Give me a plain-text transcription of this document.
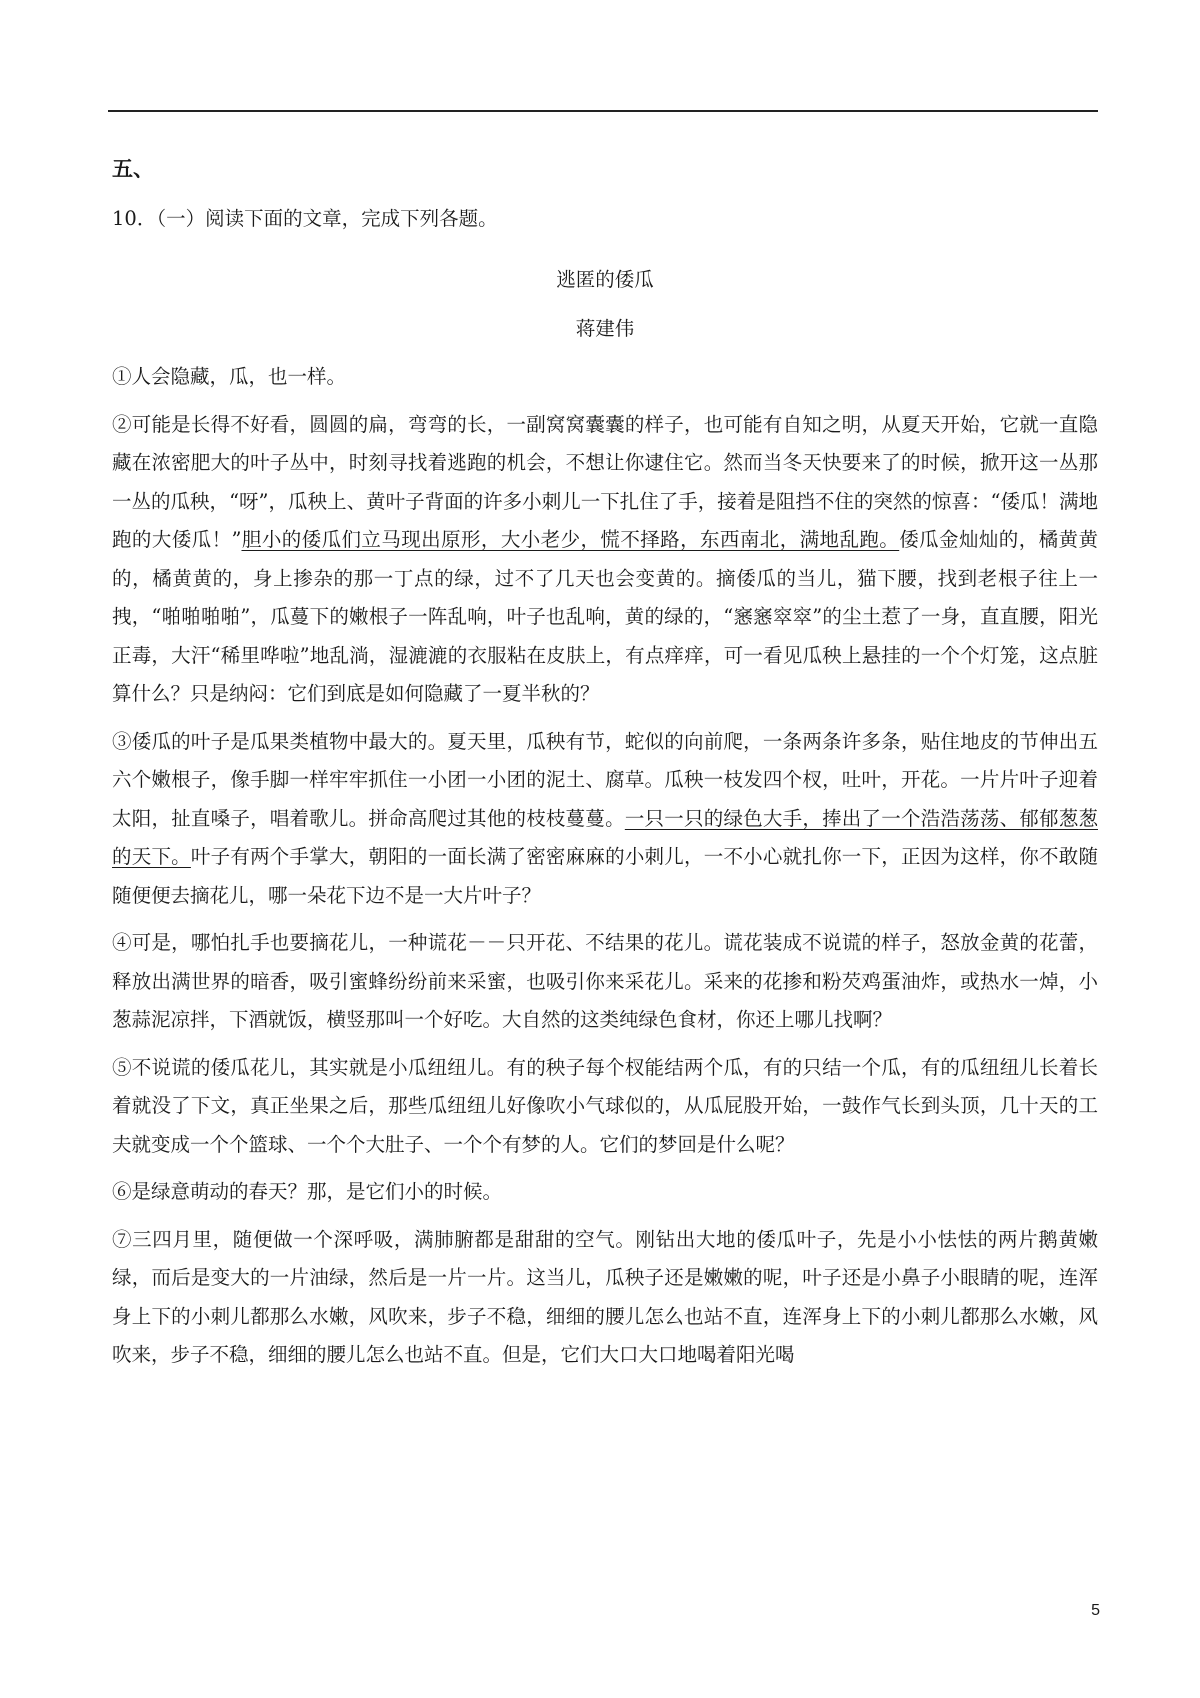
五、
10．（一）阅读下面的文章，完成下列各题。
逃匿的倭瓜
蒋建伟

①人会隐藏，瓜，也一样。

②可能是长得不好看，圆圆的扁，弯弯的长，一副窝窝囊囊的样子，也可能有自知之明，从夏天开始，它就一直隐藏在浓密肥大的叶子丛中，时刻寻找着逃跑的机会，不想让你逮住它。然而当冬天快要来了的时候，掀开这一丛那一丛的瓜秧，“呀”，瓜秧上、黄叶子背面的许多小刺儿一下扎住了手，接着是阻挡不住的突然的惊喜：“倭瓜！满地跑的大倭瓜！”胆小的倭瓜们立马现出原形，大小老少，慌不择路，东西南北，满地乱跑。倭瓜金灿灿的，橘黄黄的，橘黄黄的，身上掺杂的那一丁点的绿，过不了几天也会变黄的。摘倭瓜的当儿，猫下腰，找到老根子往上一拽，“啪啪啪啪”，瓜蔓下的嫩根子一阵乱响，叶子也乱响，黄的绿的，“窸窸窣窣”的尘土惹了一身，直直腰，阳光正毒，大汗“稀里哗啦”地乱淌，湿漉漉的衣服粘在皮肤上，有点痒痒，可一看见瓜秧上悬挂的一个个灯笼，这点脏算什么？只是纳闷：它们到底是如何隐藏了一夏半秋的？

③倭瓜的叶子是瓜果类植物中最大的。夏天里，瓜秧有节，蛇似的向前爬，一条两条许多条，贴住地皮的节伸出五六个嫩根子，像手脚一样牢牢抓住一小团一小团的泥土、腐草。瓜秧一枝发四个杈，吐叶，开花。一片片叶子迎着太阳，扯直嗓子，唱着歌儿。拼命高爬过其他的枝枝蔓蔓。一只一只的绿色大手，捧出了一个浩浩荡荡、郁郁葱葱的天下。叶子有两个手掌大，朝阳的一面长满了密密麻麻的小刺儿，一不小心就扎你一下，正因为这样，你不敢随随便便去摘花儿，哪一朵花下边不是一大片叶子？

④可是，哪怕扎手也要摘花儿，一种谎花－－只开花、不结果的花儿。谎花装成不说谎的样子，怒放金黄的花蕾，释放出满世界的暗香，吸引蜜蜂纷纷前来采蜜，也吸引你来采花儿。采来的花掺和粉芡鸡蛋油炸，或热水一焯，小葱蒜泥凉拌，下酒就饭，横竖那叫一个好吃。大自然的这类纯绿色食材，你还上哪儿找啊？

⑤不说谎的倭瓜花儿，其实就是小瓜纽纽儿。有的秧子每个杈能结两个瓜，有的只结一个瓜，有的瓜纽纽儿长着长着就没了下文，真正坐果之后，那些瓜纽纽儿好像吹小气球似的，从瓜屁股开始，一鼓作气长到头顶，几十天的工夫就变成一个个篮球、一个个大肚子、一个个有梦的人。它们的梦回是什么呢？

⑥是绿意萌动的春天？那，是它们小的时候。

⑦三四月里，随便做一个深呼吸，满肺腑都是甜甜的空气。刚钻出大地的倭瓜叶子，先是小小怯怯的两片鹅黄嫩绿，而后是变大的一片油绿，然后是一片一片。这当儿，瓜秧子还是嫩嫩的呢，叶子还是小鼻子小眼睛的呢，连浑身上下的小刺儿都那么水嫩，风吹来，步子不稳，细细的腰儿怎么也站不直，连浑身上下的小刺儿都那么水嫩，风吹来，步子不稳，细细的腰儿怎么也站不直。但是，它们大口大口地喝着阳光喝

5
